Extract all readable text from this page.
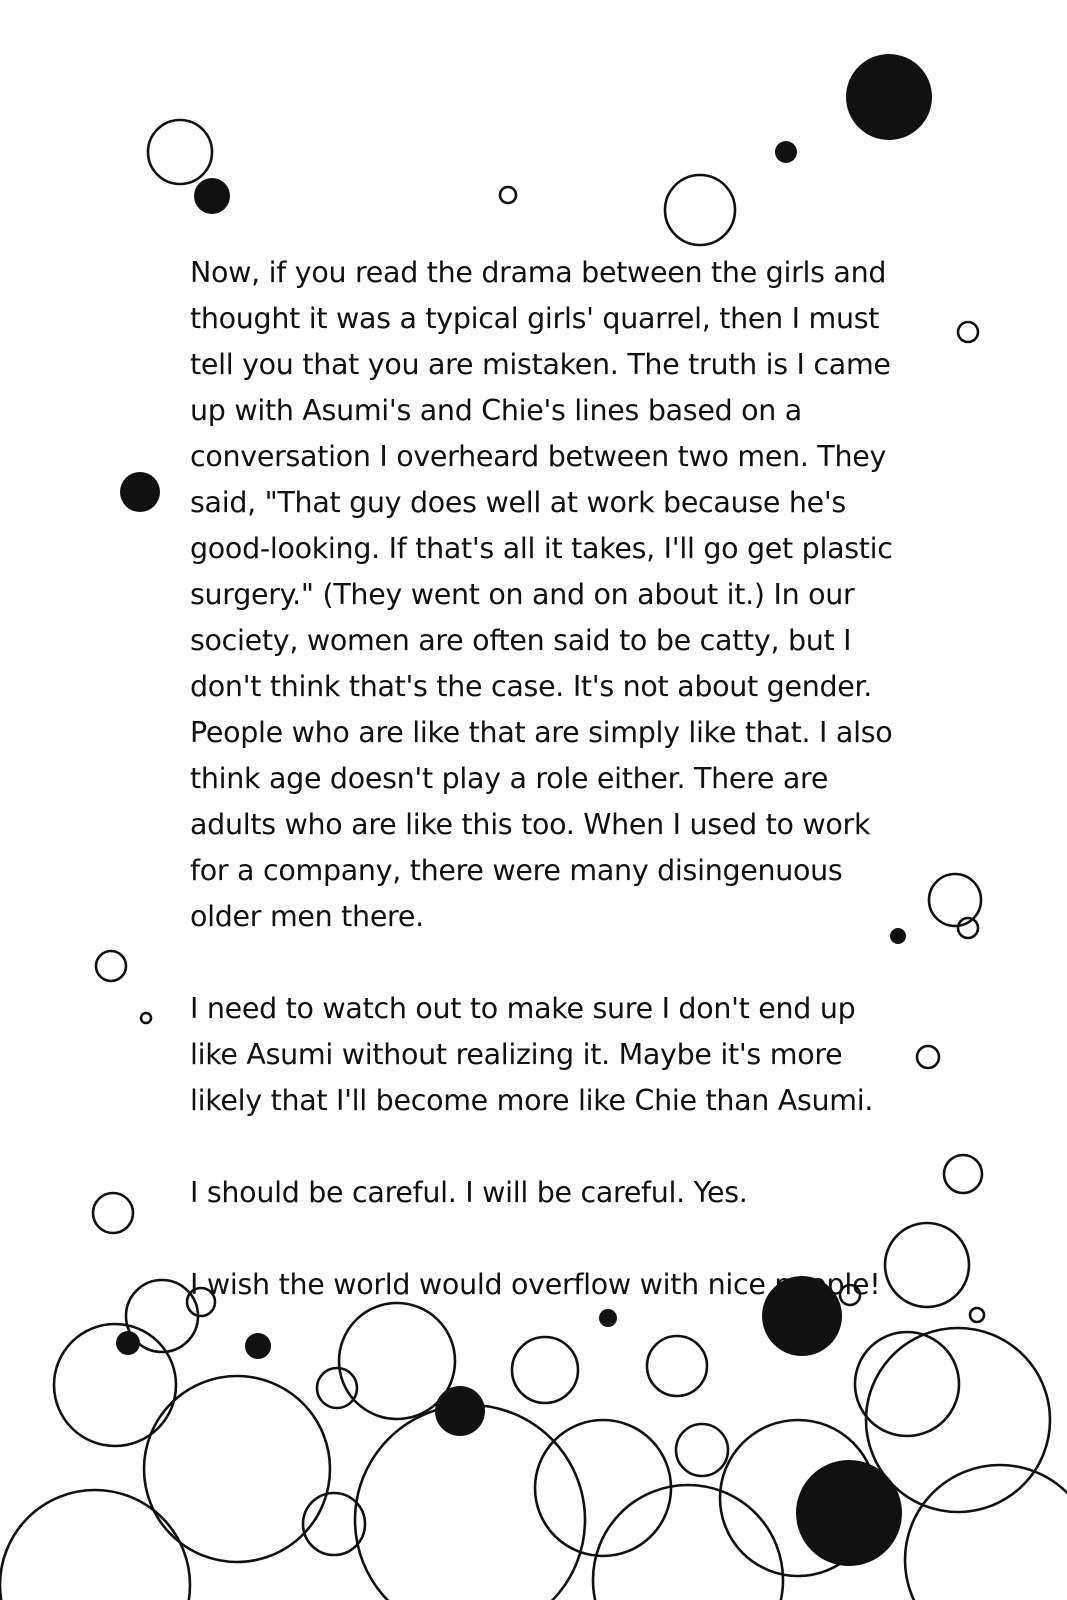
Now, if you read the drama between the girls and thought it was a typical girls' quarrel, then I must tell you that you are mistaken. The truth is I came up with Asumi's and Chie's lines based on a conversation I overheard between two men. They said, "That guy does well at work because he's good-looking. If that's all it takes, I'll go get plastic surgery." (They went on and on about it.) In our society, women are often said to be catty, but I don't think that's the case. It's not about gender. People who are like that are simply like that. I also think age doesn't play a role either. There are adults who are like this too. When I used to work for a company, there were many disingenuous older men there.

I need to watch out to make sure I don't end up like Asumi without realizing it. Maybe it's more likely that I'll become more like Chie than Asumi.

I should be careful. I will be careful. Yes.

I wish the world would overflow with nice people!
